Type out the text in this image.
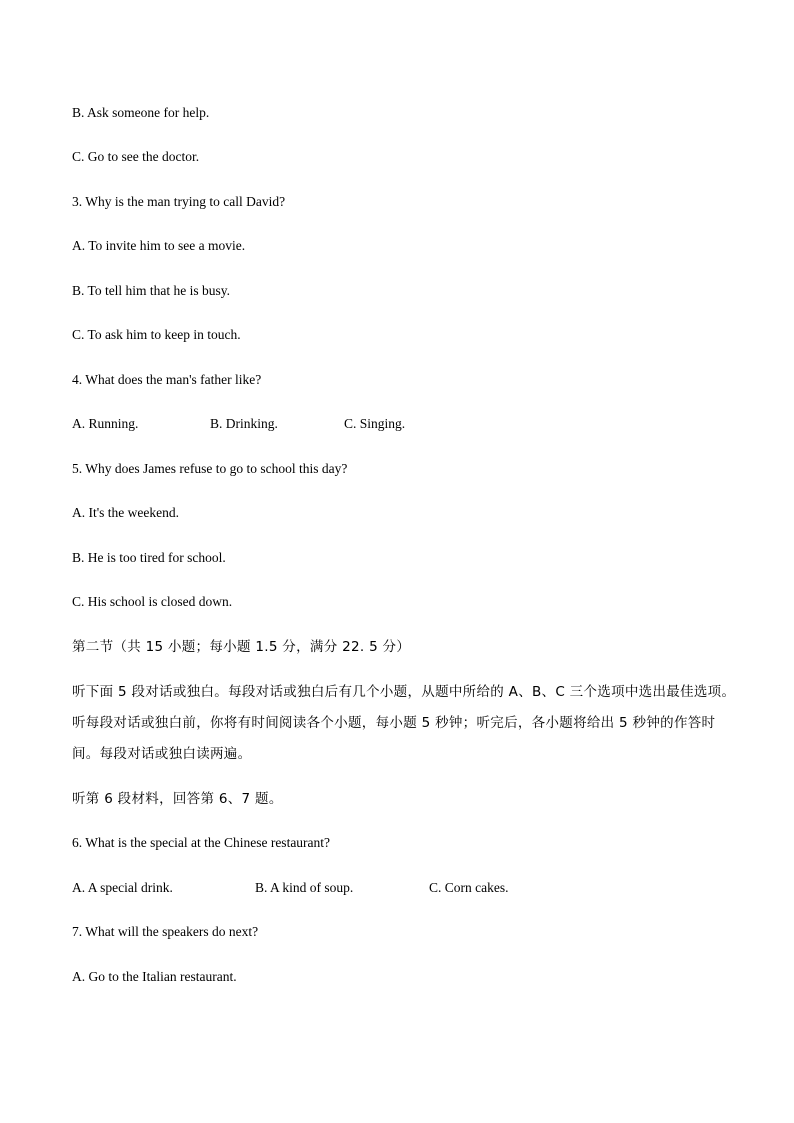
B. Ask someone for help.
C. Go to see the doctor.
3. Why is the man trying to call David?
A. To invite him to see a movie.
B. To tell him that he is busy.
C. To ask him to keep in touch.
4. What does the man's father like?
A. Running.	B. Drinking.	C. Singing.
5. Why does James refuse to go to school this day?
A. It's the weekend.
B. He is too tired for school.
C. His school is closed down.
第二节（共 15 小题；每小题 1.5 分，满分 22. 5 分）
听下面 5 段对话或独白。每段对话或独白后有几个小题，从题中所给的 A、B、C 三个选项中选出最佳选项。
听每段对话或独白前，你将有时间阅读各个小题，每小题 5 秒钟；听完后，各小题将给出 5 秒钟的作答时
间。每段对话或独白读两遍。
听第 6 段材料，回答第 6、7 题。
6. What is the special at the Chinese restaurant?
A. A special drink.	B. A kind of soup.	C. Corn cakes.
7. What will the speakers do next?
A. Go to the Italian restaurant.
